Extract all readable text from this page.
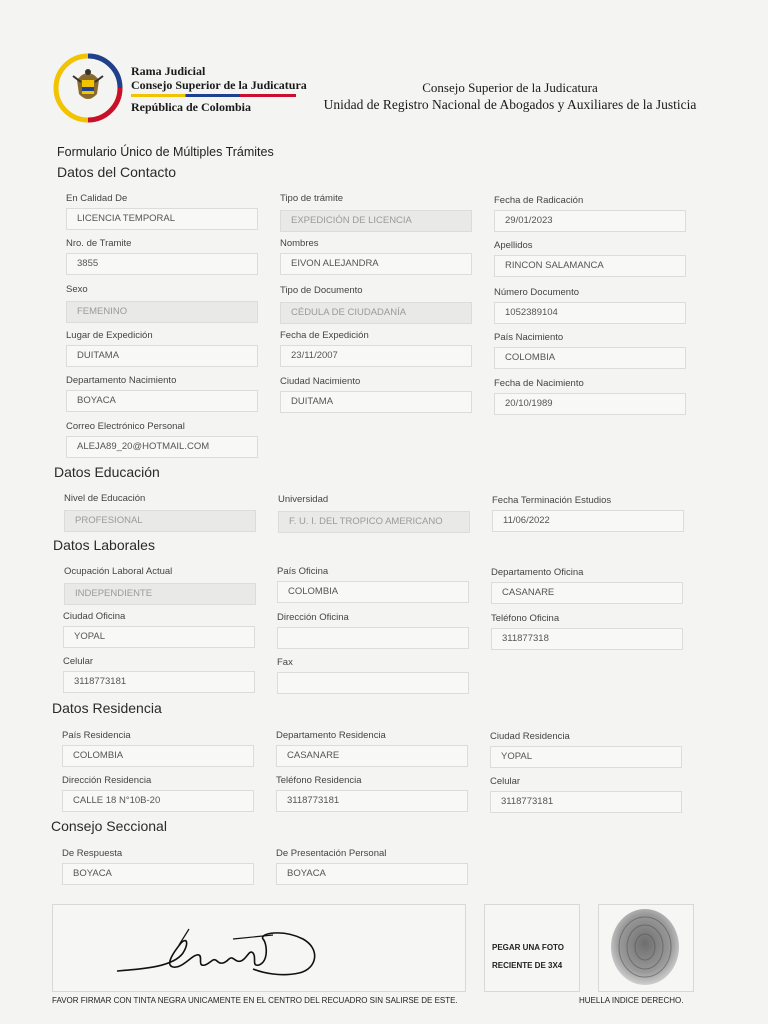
Rama Judicial
Consejo Superior de la Judicatura
República de Colombia
Consejo Superior de la Judicatura
Unidad de Registro Nacional de Abogados y Auxiliares de la Justicia
Formulario Único de Múltiples Trámites
Datos del Contacto
En Calidad De
LICENCIA TEMPORAL
Tipo de trámite
EXPEDICIÓN DE LICENCIA
Fecha de Radicación
29/01/2023
Nro. de Tramite
3855
Nombres
EIVON ALEJANDRA
Apellidos
RINCON SALAMANCA
Sexo
FEMENINO
Tipo de Documento
CÉDULA DE CIUDADANÍA
Número Documento
1052389104
Lugar de Expedición
DUITAMA
Fecha de Expedición
23/11/2007
País Nacimiento
COLOMBIA
Departamento Nacimiento
BOYACA
Ciudad Nacimiento
DUITAMA
Fecha de Nacimiento
20/10/1989
Correo Electrónico Personal
ALEJA89_20@HOTMAIL.COM
Datos Educación
Nivel de Educación
PROFESIONAL
Universidad
F. U. I. DEL TROPICO AMERICANO
Fecha Terminación Estudios
11/06/2022
Datos Laborales
Ocupación Laboral Actual
INDEPENDIENTE
País Oficina
COLOMBIA
Departamento Oficina
CASANARE
Ciudad Oficina
YOPAL
Dirección Oficina	Teléfono Oficina
311877318
Celular
3118773181
Fax
Datos Residencia
País Residencia
COLOMBIA
Departamento Residencia
CASANARE
Ciudad Residencia
YOPAL
Dirección Residencia
CALLE 18 N°10B-20
Teléfono Residencia
3118773181
Celular
3118773181
Consejo Seccional
De Respuesta
BOYACA
De Presentación Personal
BOYACA
PEGAR UNA FOTO
RECIENTE DE 3X4
FAVOR FIRMAR CON TINTA NEGRA UNICAMENTE EN EL CENTRO DEL RECUADRO SIN SALIRSE DE ESTE.	HUELLA INDICE DERECHO.
